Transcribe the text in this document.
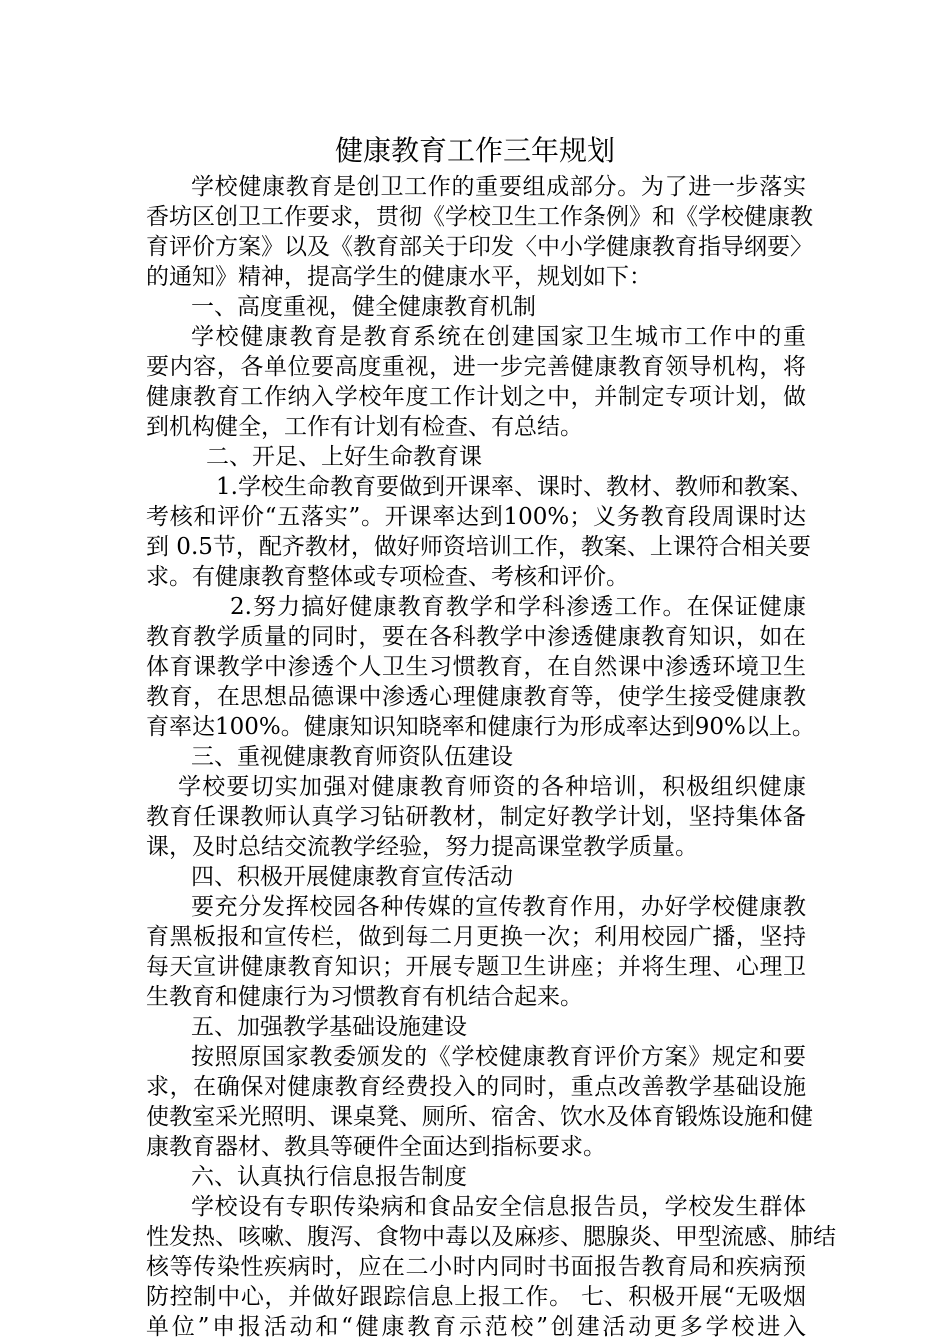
健康教育工作三年规划
学校健康教育是创卫工作的重要组成部分。为了进一步落实
香坊区创卫工作要求，贯彻《学校卫生工作条例》和《学校健康教
育评价方案》以及《教育部关于印发〈中小学健康教育指导纲要〉
的通知》精神，提高学生的健康水平，规划如下：
一、高度重视，健全健康教育机制
学校健康教育是教育系统在创建国家卫生城市工作中的重
要内容，各单位要高度重视，进一步完善健康教育领导机构，将
健康教育工作纳入学校年度工作计划之中，并制定专项计划，做
到机构健全，工作有计划有检查、有总结。
二、开足、上好生命教育课
1.学校生命教育要做到开课率、课时、教材、教师和教案、
考核和评价“五落实”。开课率达到100%；义务教育段周课时达
到 0.5节，配齐教材，做好师资培训工作，教案、上课符合相关要
求。有健康教育整体或专项检查、考核和评价。
2.努力搞好健康教育教学和学科渗透工作。在保证健康
教育教学质量的同时，要在各科教学中渗透健康教育知识，如在
体育课教学中渗透个人卫生习惯教育，在自然课中渗透环境卫生
教育，在思想品德课中渗透心理健康教育等，使学生接受健康教
育率达100%。健康知识知晓率和健康行为形成率达到90%以上。
三、重视健康教育师资队伍建设
学校要切实加强对健康教育师资的各种培训，积极组织健康
教育任课教师认真学习钻研教材，制定好教学计划，坚持集体备
课，及时总结交流教学经验，努力提高课堂教学质量。
四、积极开展健康教育宣传活动
要充分发挥校园各种传媒的宣传教育作用，办好学校健康教
育黑板报和宣传栏，做到每二月更换一次；利用校园广播，坚持
每天宣讲健康教育知识；开展专题卫生讲座；并将生理、心理卫
生教育和健康行为习惯教育有机结合起来。
五、加强教学基础设施建设
按照原国家教委颁发的《学校健康教育评价方案》规定和要
求，在确保对健康教育经费投入的同时，重点改善教学基础设施
使教室采光照明、课桌凳、厕所、宿舍、饮水及体育锻炼设施和健
康教育器材、教具等硬件全面达到指标要求。
六、认真执行信息报告制度
学校设有专职传染病和食品安全信息报告员，学校发生群体
性发热、咳嗽、腹泻、食物中毒以及麻疹、腮腺炎、甲型流感、肺结
核等传染性疾病时，应在二小时内同时书面报告教育局和疾病预
防控制中心，并做好跟踪信息上报工作。 七、积极开展“无吸烟
单位”申报活动和“健康教育示范校”创建活动更多学校进入
